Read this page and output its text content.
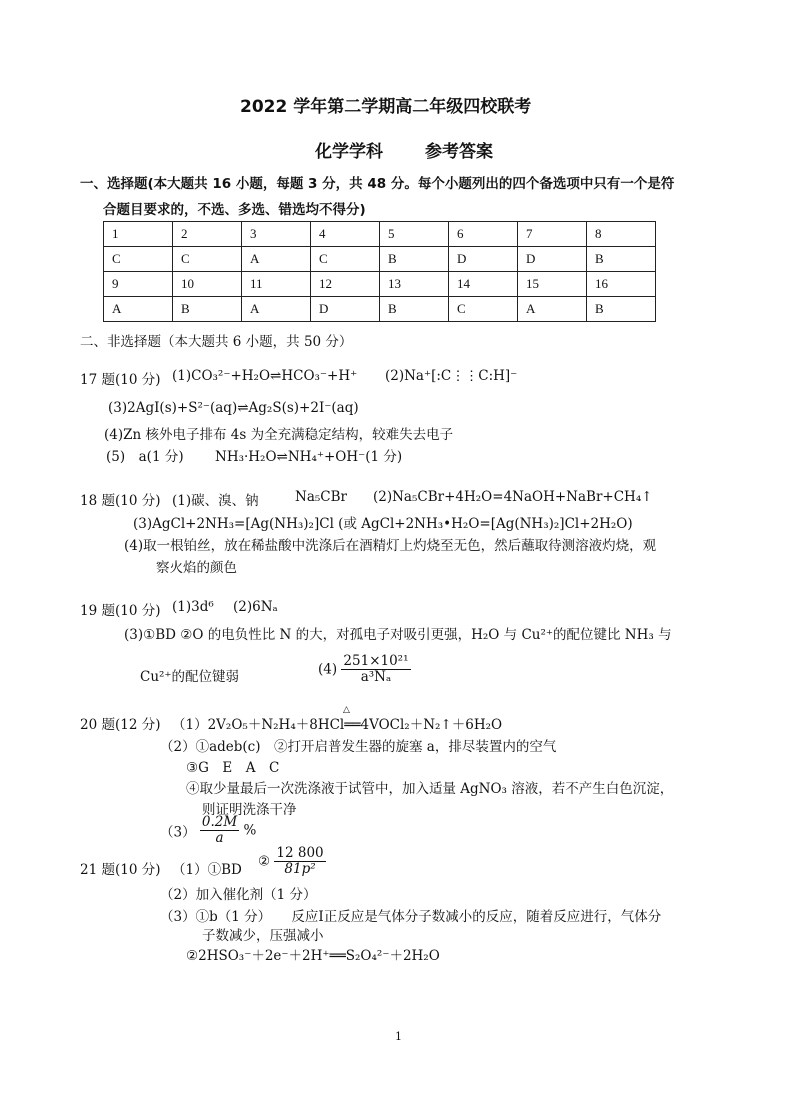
2022 学年第二学期高二年级四校联考
化学学科 参考答案
一、选择题(本大题共 16 小题，每题 3 分，共 48 分。每个小题列出的四个备选项中只有一个是符
合题目要求的，不选、多选、错选均不得分)
1	2	3	4	5	6	7	8
C	C	A	C	B	D	D	B
9	10	11	12	13	14	15	16
A	B	A	D	B	C	A	B
二、非选择题（本大题共 6 小题，共 50 分）
17 题(10 分) (1)CO₃²⁻+H₂O⇌HCO₃⁻+H⁺ (2)Na⁺[:C⋮⋮C:H]⁻
(3)2AgI(s)+S²⁻(aq)⇌Ag₂S(s)+2I⁻(aq)
(4)Zn 核外电子排布 4s 为全充满稳定结构，较难失去电子
(5)　a(1 分) NH₃·H₂O⇌NH₄⁺+OH⁻(1 分)
18 题(10 分) (1)碳、溴、钠	Na₅CBr (2)Na₅CBr+4H₂O=4NaOH+NaBr+CH₄↑
(3)AgCl+2NH₃=[Ag(NH₃)₂]Cl (或 AgCl+2NH₃•H₂O=[Ag(NH₃)₂]Cl+2H₂O)
(4)取一根铂丝，放在稀盐酸中洗涤后在酒精灯上灼烧至无色，然后蘸取待测溶液灼烧，观
察火焰的颜色
19 题(10 分) (1)3d⁶ (2)6Nₐ
(3)①BD ②O 的电负性比 N 的大，对孤电子对吸引更强，H₂O 与 Cu²⁺的配位键比 NH₃ 与
Cu²⁺的配位键弱	$(4) \frac{\text{251×10²¹}}{\text{a³Nₐ}}$
20 题(12 分)
△
（1）2V₂O₅＋N₂H₄＋8HCl══4VOCl₂＋N₂↑＋6H₂O
（2）①adeb(c)　②打开启普发生器的旋塞 a，排尽装置内的空气
③G　E　A　C
④取少量最后一次洗涤液于试管中，加入适量 AgNO₃ 溶液，若不产生白色沉淀，
则证明洗涤干净
$(3) \frac{0.2M}{a}$ %
21 题(10 分) （1）①BD
② $\frac{12 800}{\text{81p²}}$
（2）加入催化剂（1 分）
（3）①b（1 分）　　反应Ⅰ正反应是气体分子数减小的反应，随着反应进行，气体分
子数减少，压强减小
②2HSO₃⁻＋2e⁻＋2H⁺══S₂O₄²⁻＋2H₂O
1
